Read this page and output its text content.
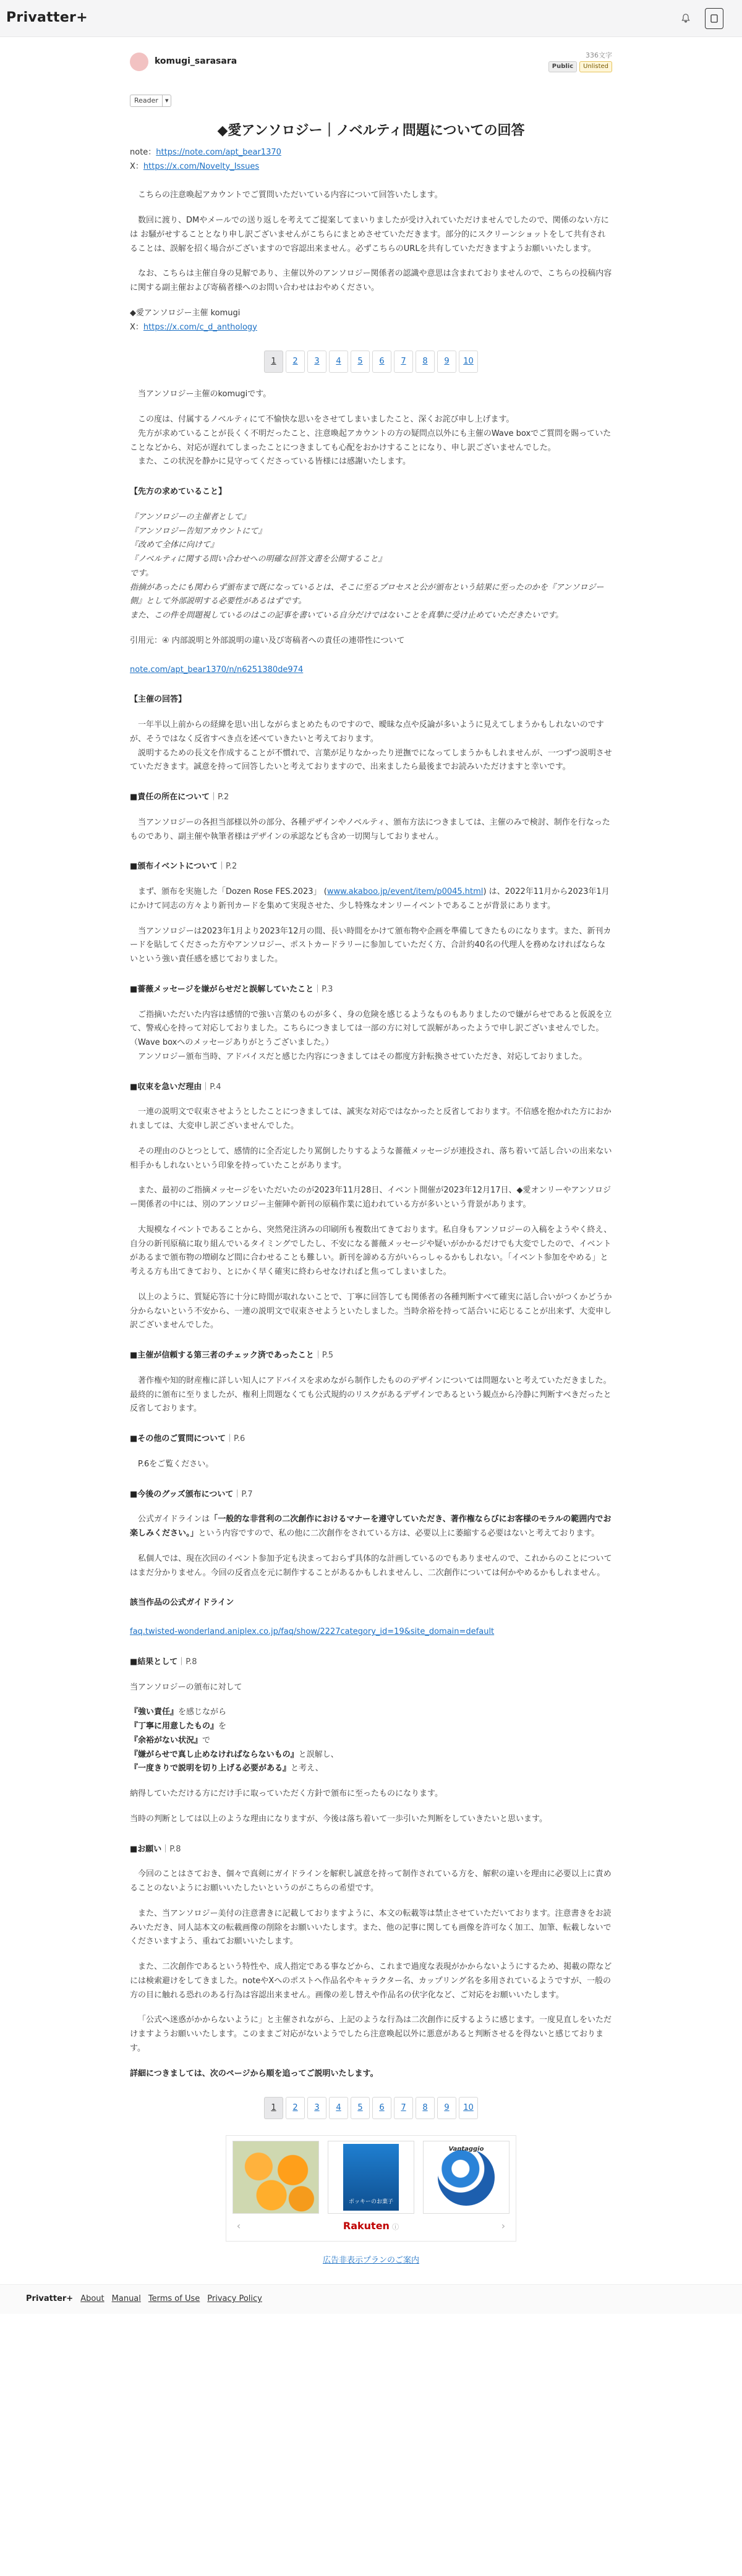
Privatter+
komugi_sarasara
336文字
Public	Unlisted
Reader	▾
◆愛アンソロジー｜ノベルティ問題についての回答
note：https://note.com/apt_bear1370
X：https://x.com/Novelty_Issues

こちらの注意喚起アカウントでご質問いただいている内容について回答いたします。

数回に渡り、DMやメールでの送り返しを考えてご提案してまいりましたが受け入れていただけませんでしたので、関係のない方には お騒がせすることとなり申し訳ございませんがこちらにまとめさせていただきます。部分的にスクリーンショットをして共有されることは、誤解を招く場合がございますので容認出来ません。必ずこちらのURLを共有していただきますようお願いいたします。

なお、こちらは主催自身の見解であり、主催以外のアンソロジー関係者の認識や意思は含まれておりませんので、こちらの投稿内容に関する副主催および寄稿者様へのお問い合わせはおやめください。

◆愛アンソロジー主催 komugi
X：https://x.com/c_d_anthology
1	2	3	4	5	6	7	8	9	10

当アンソロジー主催のkomugiです。

この度は、付属するノベルティにて不愉快な思いをさせてしまいましたこと、深くお詫び申し上げます。

先方が求めていることが長くく不明だったこと、注意喚起アカウントの方の疑問点以外にも主催のWave boxでご質問を賜っていたことなどから、対応が遅れてしまったことにつきましても心配をおかけすることになり、申し訳ございませんでした。

また、この状況を静かに見守ってくださっている皆様には感謝いたします。

【先方の求めていること】
『アンソロジーの主催者として』
『アンソロジー告知アカウントにて』
『改めて全体に向けて』
『ノベルティに関する問い合わせへの明確な回答文書を公開すること』
です。
指摘があったにも関わらず頒布まで既になっているとは、そこに至るプロセスと公が頒布という結果に至ったのかを『アンソロジー側』として外部説明する必要性があるはずです。
また、この件を問題視しているのはこの記事を書いている自分だけではないことを真摯に受け止めていただきたいです。

引用元：④ 内部説明と外部説明の違い及び寄稿者への責任の連帯性について

note.com/apt_bear1370/n/n6251380de974

【主催の回答】

一年半以上前からの経緯を思い出しながらまとめたものですので、曖昧な点や反論が多いように見えてしまうかもしれないのですが、そうではなく反省すべき点を述べていきたいと考えております。

説明するための長文を作成することが不慣れで、言葉が足りなかったり逆撫でになってしまうかもしれませんが、一つずつ説明させていただきます。誠意を持って回答したいと考えておりますので、出来ましたら最後までお読みいただけますと幸いです。

■責任の所在について｜P.2

当アンソロジーの各担当部様以外の部分、各種デザインやノベルティ、頒布方法につきましては、主催のみで検討、制作を行なったものであり、副主催や執筆者様はデザインの承認なども含め一切関与しておりません。

■頒布イベントについて｜P.2

まず、頒布を実施した「Dozen Rose FES.2023」 (www.akaboo.jp/event/item/p0045.html) は、2022年11月から2023年1月にかけて同志の方々より新刊カードを集めて実現させた、少し特殊なオンリーイベントであることが背景にあります。

当アンソロジーは2023年1月より2023年12月の間、長い時間をかけて頒布物や企画を準備してきたものになります。また、新刊カードを貼してくださった方やアンソロジー、ポストカードラリーに参加していただく方、合計約40名の代理人を務めなければならないという強い責任感を感じておりました。

■薔薇メッセージを嫌がらせだと誤解していたこと｜P.3

ご指摘いただいた内容は感情的で強い言葉のものが多く、身の危険を感じるようなものもありましたので嫌がらせであると仮説を立て、警戒心を持って対応しておりました。こちらにつきましては一部の方に対して誤解があったようで申し訳ございませんでした。（Wave boxへのメッセージありがとうございました。）

アンソロジー頒布当時、アドバイスだと感じた内容につきましてはその都度方針転換させていただき、対応しておりました。

■収束を急いだ理由｜P.4

一連の説明文で収束させようとしたことにつきましては、誠実な対応ではなかったと反省しております。不信感を抱かれた方におかれましては、大変申し訳ございませんでした。

その理由のひとつとして、感情的に全否定したり罵倒したりするような薔薇メッセージが連投され、落ち着いて話し合いの出来ない相手かもしれないという印象を持っていたことがあります。

また、最初のご指摘メッセージをいただいたのが2023年11月28日、イベント開催が2023年12月17日、◆愛オンリーやアンソロジー関係者の中には、別のアンソロジー主催陣や新刊の原稿作業に追われている方が多いという背景があります。

大規模なイベントであることから、突然発注済みの印刷所も複数出てきております。私自身もアンソロジーの入稿をようやく終え、自分の新刊原稿に取り組んでいるタイミングでしたし、不安になる薔薇メッセージや疑いがかかるだけでも大変でしたので、イベントがあるまで頒布物の増刷など間に合わせることも難しい。新刊を諦める方がいらっしゃるかもしれない。「イベント参加をやめる」と考える方も出てきており、とにかく早く確実に終わらせなければと焦ってしまいました。

以上のように、質疑応答に十分に時間が取れないことで、丁寧に回答しても関係者の各種判断すべて確実に話し合いがつくかどうか分からないという不安から、一連の説明文で収束させようといたしました。当時余裕を持って話合いに応じることが出来ず、大変申し訳ございませんでした。

■主催が信頼する第三者のチェック済であったこと｜P.5

著作権や知的財産権に詳しい知人にアドバイスを求めながら制作したもののデザインについては問題ないと考えていただきました。最終的に頒布に至りましたが、権利上問題なくても公式規約のリスクがあるデザインであるという観点から冷静に判断すべきだったと反省しております。

■その他のご質問について｜P.6

P.6をご覧ください。

■今後のグッズ頒布について｜P.7

公式ガイドラインは「一般的な非営利の二次創作におけるマナーを遵守していただき、著作権ならびにお客様のモラルの範囲内でお楽しみください。」という内容ですので、私の他に二次創作をされている方は、必要以上に萎縮する必要はないと考えております。

私個人では、現在次回のイベント参加予定も決まっておらず具体的な計画しているのでもありませんので、これからのことについてはまだ分かりません。今回の反省点を元に制作することがあるかもしれませんし、二次創作については何かやめるかもしれません。

該当作品の公式ガイドライン

faq.twisted-wonderland.aniplex.co.jp/faq/show/2227category_id=19&site_domain=default

■結果として｜P.8

当アンソロジーの頒布に対して

『強い責任』を感じながら
『丁寧に用意したもの』を
『余裕がない状況』で
『嫌がらせで真し止めなければならないもの』と誤解し、
『一度きりで説明を切り上げる必要がある』と考え、

納得していただける方にだけ手に取っていただく方針で頒布に至ったものになります。

当時の判断としては以上のような理由になりますが、今後は落ち着いて一歩引いた判断をしていきたいと思います。

■お願い｜P.8

今回のことはさておき、個々で真剣にガイドラインを解釈し誠意を持って制作されている方を、解釈の違いを理由に必要以上に責めることのないようにお願いいたしたいというのがこちらの希望です。

また、当アンソロジー美付の注意書きに記載しておりますように、本文の転載等は禁止させていただいております。注意書きをお読みいただき、同人誌本文の転載画像の削除をお願いいたします。また、他の記事に関しても画像を許可なく加工、加筆、転載しないでくださいますよう、重ねてお願いいたします。

また、二次創作であるという特性や、成人指定である事などから、これまで過度な表現がかからないようにするため、掲載の際などには検索避けをしてきました。noteやXへのポストへ作品名やキャラクター名、カップリング名を多用されているようですが、一般の方の目に触れる恐れのある行為は容認出来ません。画像の差し替えや作品名の伏字化など、ご対応をお願いいたします。

「公式へ迷惑がかからないように」と主催されながら、上記のような行為は二次創作に反するように感じます。一度見直しをいただけますようお願いいたします。このままご対応がないようでしたら注意喚起以外に悪意があると判断させるを得ないと感じております。

詳細につきましては、次のページから順を追ってご説明いたします。

1	2	3	4	5	6	7	8	9	10
ポッキーのお菓子
Vantaggio
‹	Rakuten ⓘ	›
広告非表示プランのご案内
Privatter+ About Manual Terms of Use Privacy Policy
